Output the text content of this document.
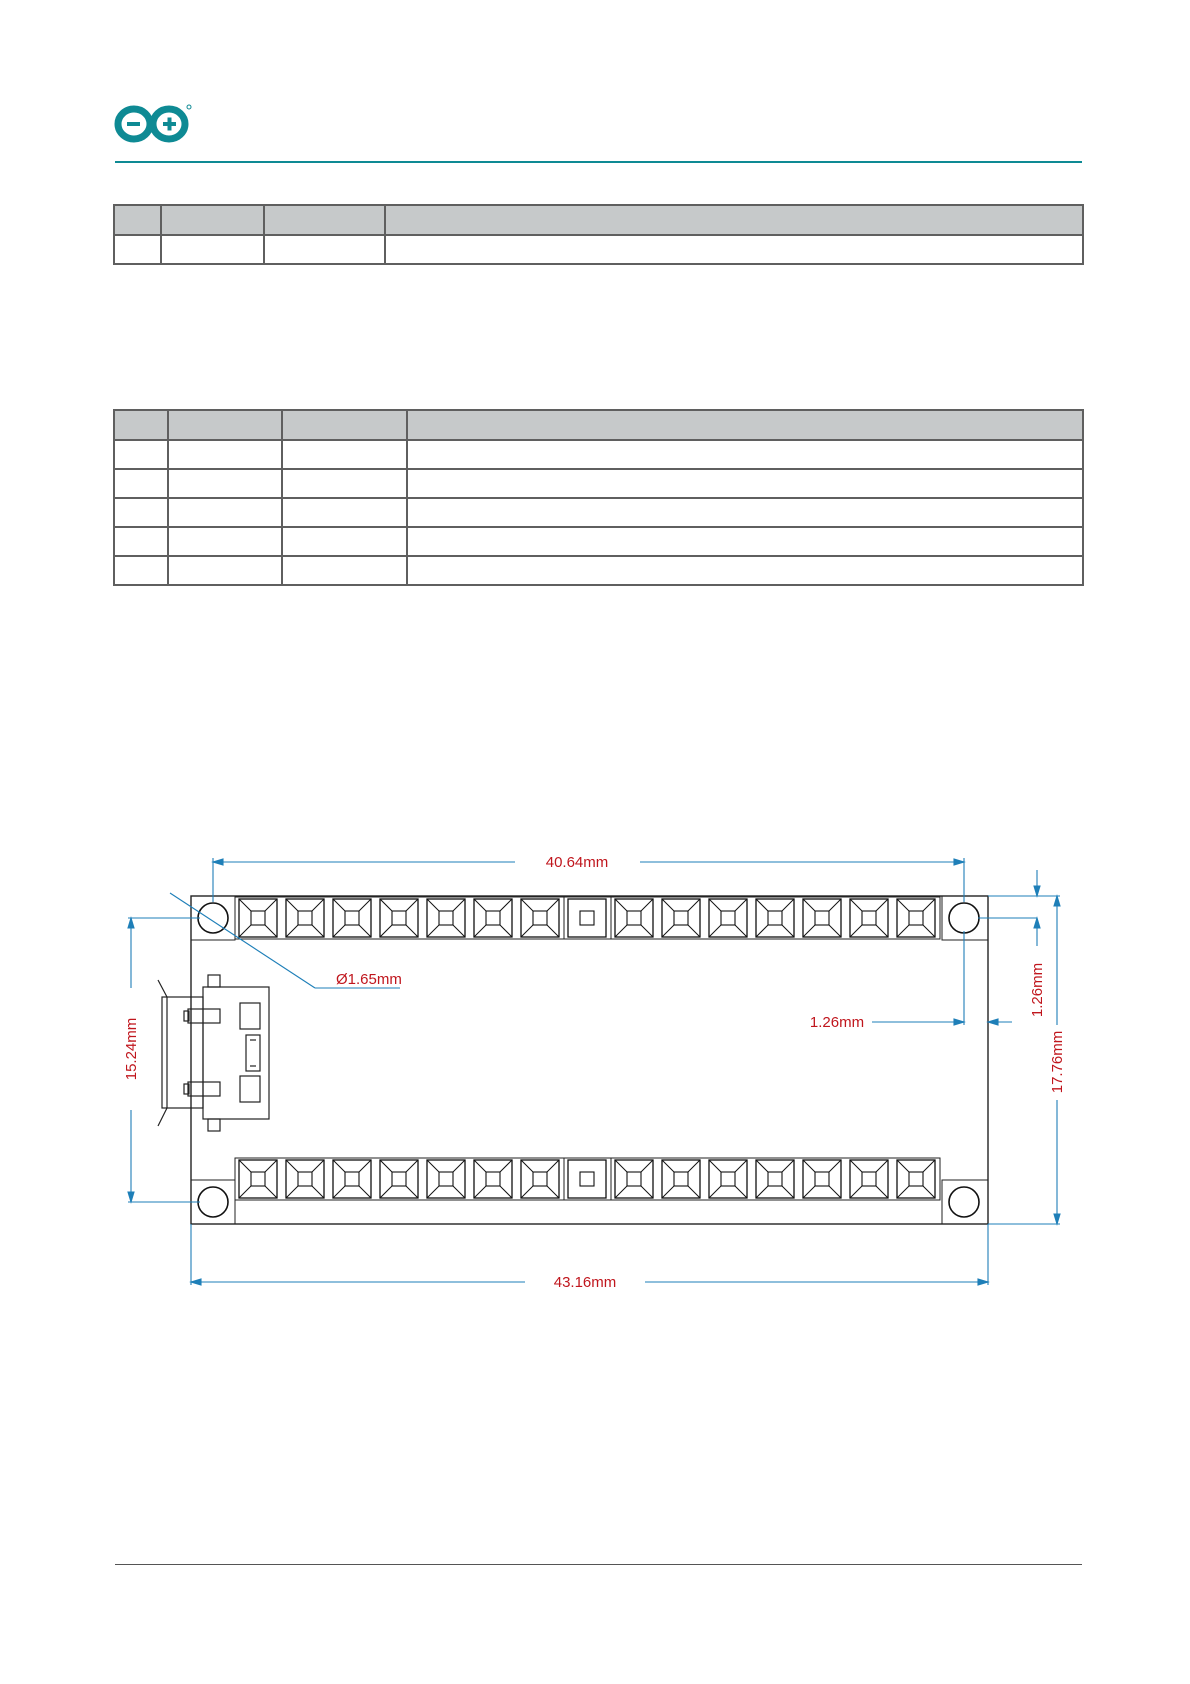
40.64mm
Ø1.65mm
1.26mm
1.26mm
17.76mm
15.24mm
43.16mm
